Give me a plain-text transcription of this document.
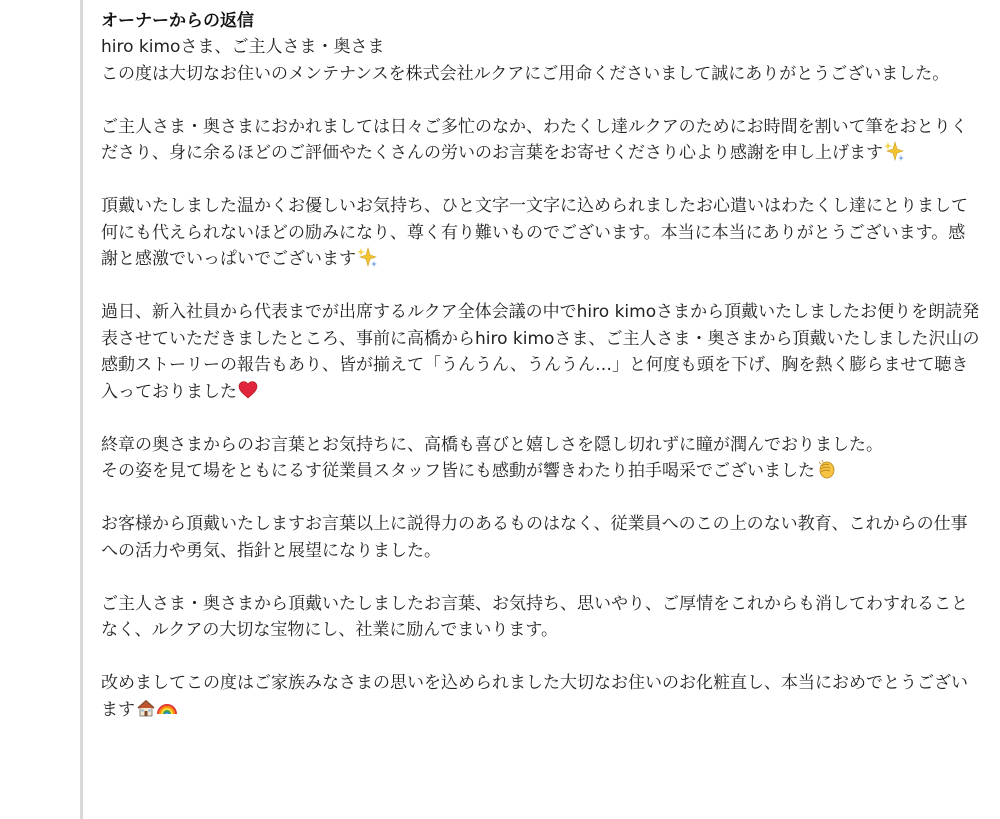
オーナーからの返信

hiro kimoさま、ご主人さま・奥さま

この度は大切なお住いのメンテナンスを株式会社ルクアにご用命くださいまして誠にありがとうございました。

ご主人さま・奥さまにおかれましては日々ご多忙のなか、わたくし達ルクアのためにお時間を割いて筆をおとりくださり、身に余るほどのご評価やたくさんの労いのお言葉をお寄せくださり心より感謝を申し上げます

頂戴いたしました温かくお優しいお気持ち、ひと文字一文字に込められましたお心遣いはわたくし達にとりまして何にも代えられないほどの励みになり、尊く有り難いものでございます。本当に本当にありがとうございます。感謝と感激でいっぱいでございます

過日、新入社員から代表までが出席するルクア全体会議の中でhiro kimoさまから頂戴いたしましたお便りを朗読発表させていただきましたところ、事前に高橋からhiro kimoさま、ご主人さま・奥さまから頂戴いたしました沢山の感動ストーリーの報告もあり、皆が揃えて「うんうん、うんうん…」と何度も頭を下げ、胸を熱く膨らませて聴き入っておりました

終章の奥さまからのお言葉とお気持ちに、高橋も喜びと嬉しさを隠し切れずに瞳が潤んでおりました。

その姿を見て場をともにるす従業員スタッフ皆にも感動が響きわたり拍手喝采でございました

お客様から頂戴いたしますお言葉以上に説得力のあるものはなく、従業員へのこの上のない教育、これからの仕事への活力や勇気、指針と展望になりました。

ご主人さま・奥さまから頂戴いたしましたお言葉、お気持ち、思いやり、ご厚情をこれからも消してわすれることなく、ルクアの大切な宝物にし、社業に励んでまいります。

改めましてこの度はご家族みなさまの思いを込められました大切なお住いのお化粧直し、本当におめでとうございます
